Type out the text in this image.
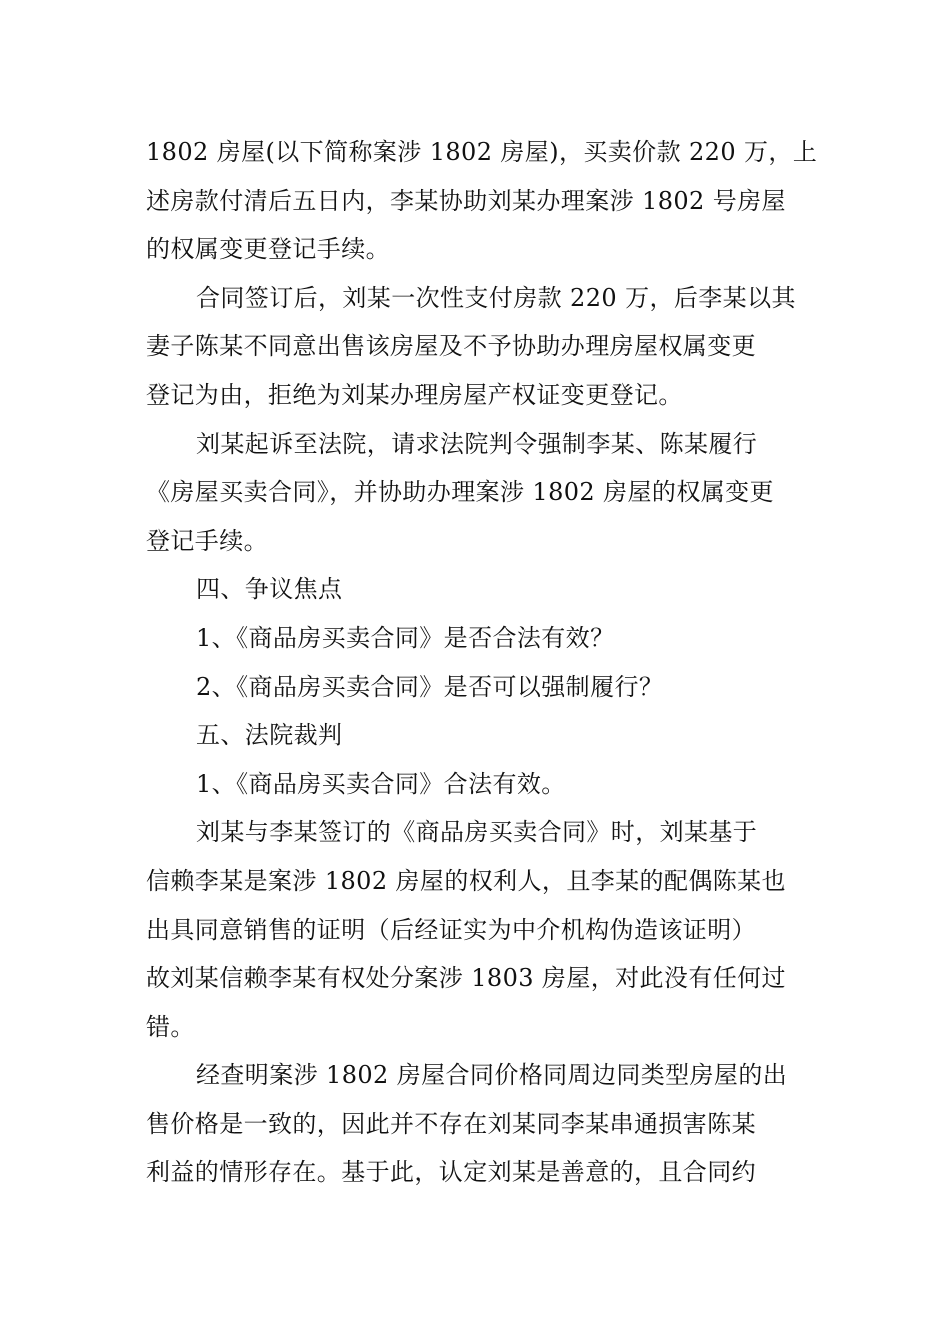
1802 房屋(以下简称案涉 1802 房屋)，买卖价款 220 万，上
述房款付清后五日内，李某协助刘某办理案涉 1802 号房屋
的权属变更登记手续。

合同签订后，刘某一次性支付房款 220 万，后李某以其
妻子陈某不同意出售该房屋及不予协助办理房屋权属变更
登记为由，拒绝为刘某办理房屋产权证变更登记。

刘某起诉至法院，请求法院判令强制李某、陈某履行
《房屋买卖合同》，并协助办理案涉 1802 房屋的权属变更
登记手续。

四、争议焦点

1、《商品房买卖合同》是否合法有效？

2、《商品房买卖合同》是否可以强制履行？

五、法院裁判

1、《商品房买卖合同》合法有效。

刘某与李某签订的《商品房买卖合同》时，刘某基于
信赖李某是案涉 1802 房屋的权利人，且李某的配偶陈某也
出具同意销售的证明（后经证实为中介机构伪造该证明）
故刘某信赖李某有权处分案涉 1803 房屋，对此没有任何过
错。

经查明案涉 1802 房屋合同价格同周边同类型房屋的出
售价格是一致的，因此并不存在刘某同李某串通损害陈某
利益的情形存在。基于此，认定刘某是善意的，且合同约
